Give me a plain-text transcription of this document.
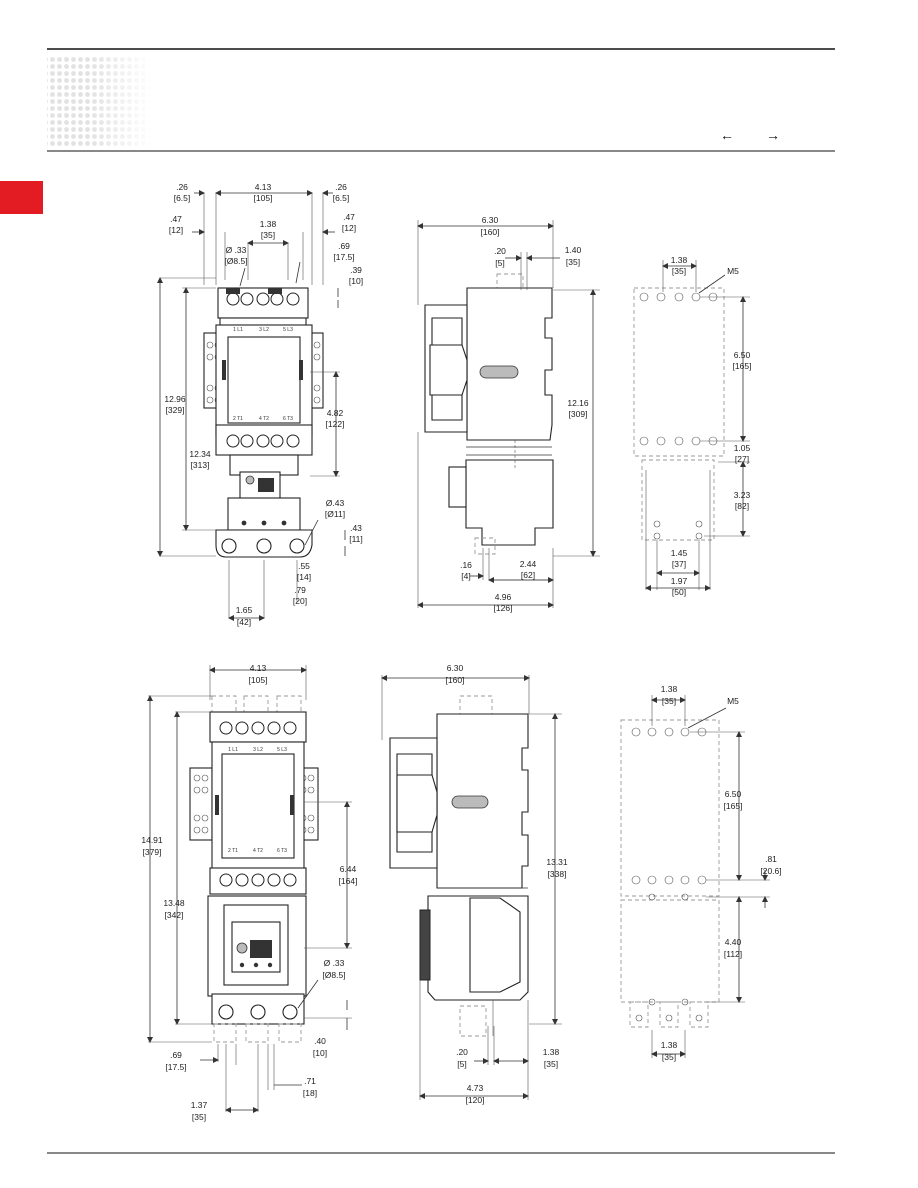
← →
1 L1	3 L2	5 L3
2 T1	4 T2	6 T3
.26
[6.5]
4.13
[105]
.26
[6.5]
.47
[12]
1.38
[35]
.47
[12]
Ø .33
[Ø8.5]
.69
[17.5]
.39
[10]
12.96
[329]
12.34
[313]
4.82
[122]
Ø.43
[Ø11]
.43
[11]
.55
[14]
.79
[20]
1.65
[42]
6.30
[160]
.20
[5]
1.40
[35]
12.16
[309]
.16
[4]
2.44
[62]
4.96
[126]
1.38
[35]	M5
6.50
[165]
1.05
[27]
3.23
[82]
1.45
[37]
1.97
[50]
1 L1	3 L2	5 L3
2 T1	4 T2	6 T3
4.13
[105]
14.91
[379]
13.48
[342]
6.44
[164]
Ø .33
[Ø8.5]
.40
[10]
.69
[17.5]
.71
[18]
1.37
[35]
6.30
[160]
13.31
[338]
.20
[5]
1.38
[35]
4.73
[120]
1.38
[35]	M5
6.50
[165]
.81
[20.6]
4.40
[112]
1.38
[35]
